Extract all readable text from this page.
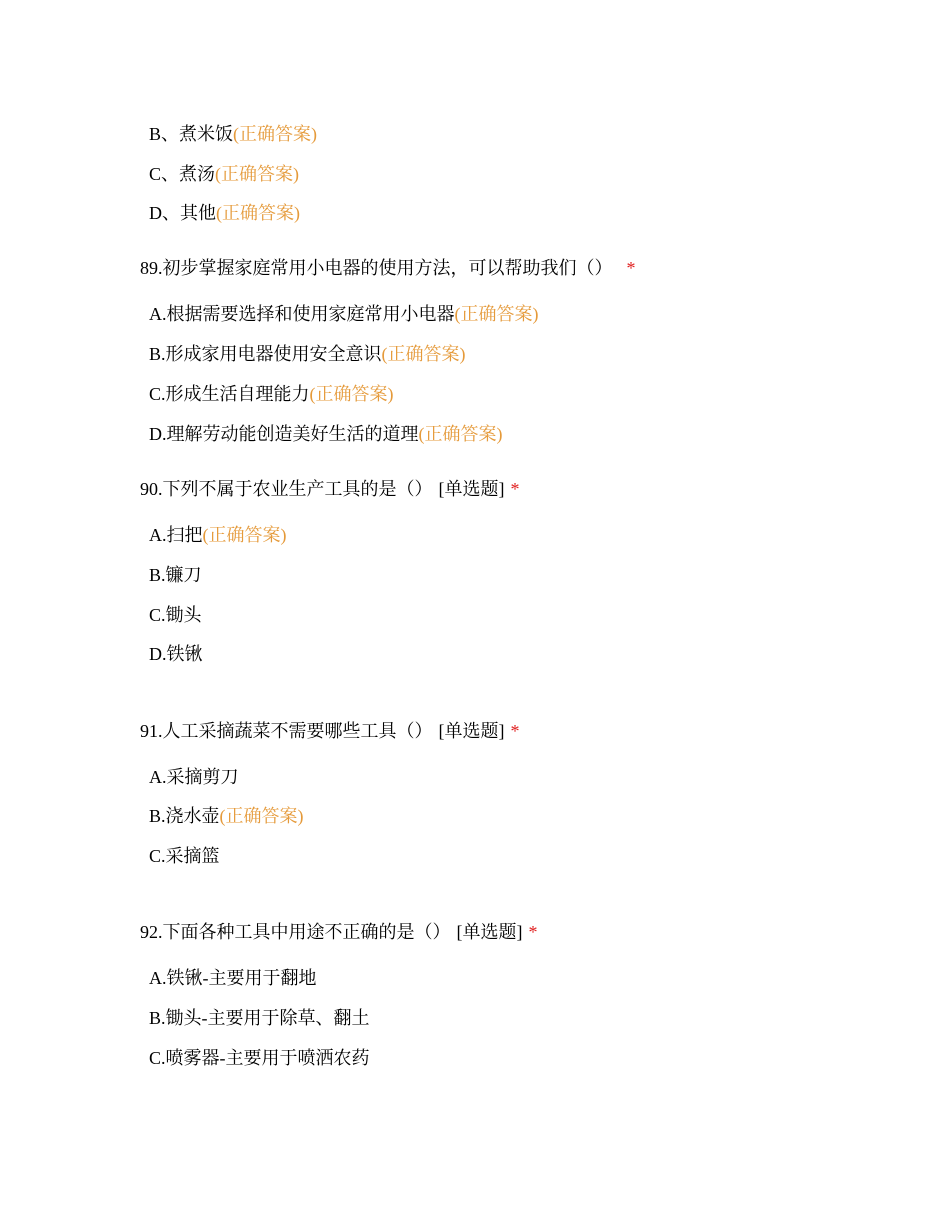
B、煮米饭(正确答案)
C、煮汤(正确答案)
D、其他(正确答案)
89.初步掌握家庭常用小电器的使用方法，可以帮助我们（） *
A.根据需要选择和使用家庭常用小电器(正确答案)
B.形成家用电器使用安全意识(正确答案)
C.形成生活自理能力(正确答案)
D.理解劳动能创造美好生活的道理(正确答案)
90.下列不属于农业生产工具的是（） [单选题] *
A.扫把(正确答案)
B.镰刀
C.锄头
D.铁锹
91.人工采摘蔬菜不需要哪些工具（） [单选题] *
A.采摘剪刀
B.浇水壶(正确答案)
C.采摘篮
92.下面各种工具中用途不正确的是（） [单选题] *
A.铁锹-主要用于翻地
B.锄头-主要用于除草、翻土
C.喷雾器-主要用于喷洒农药
